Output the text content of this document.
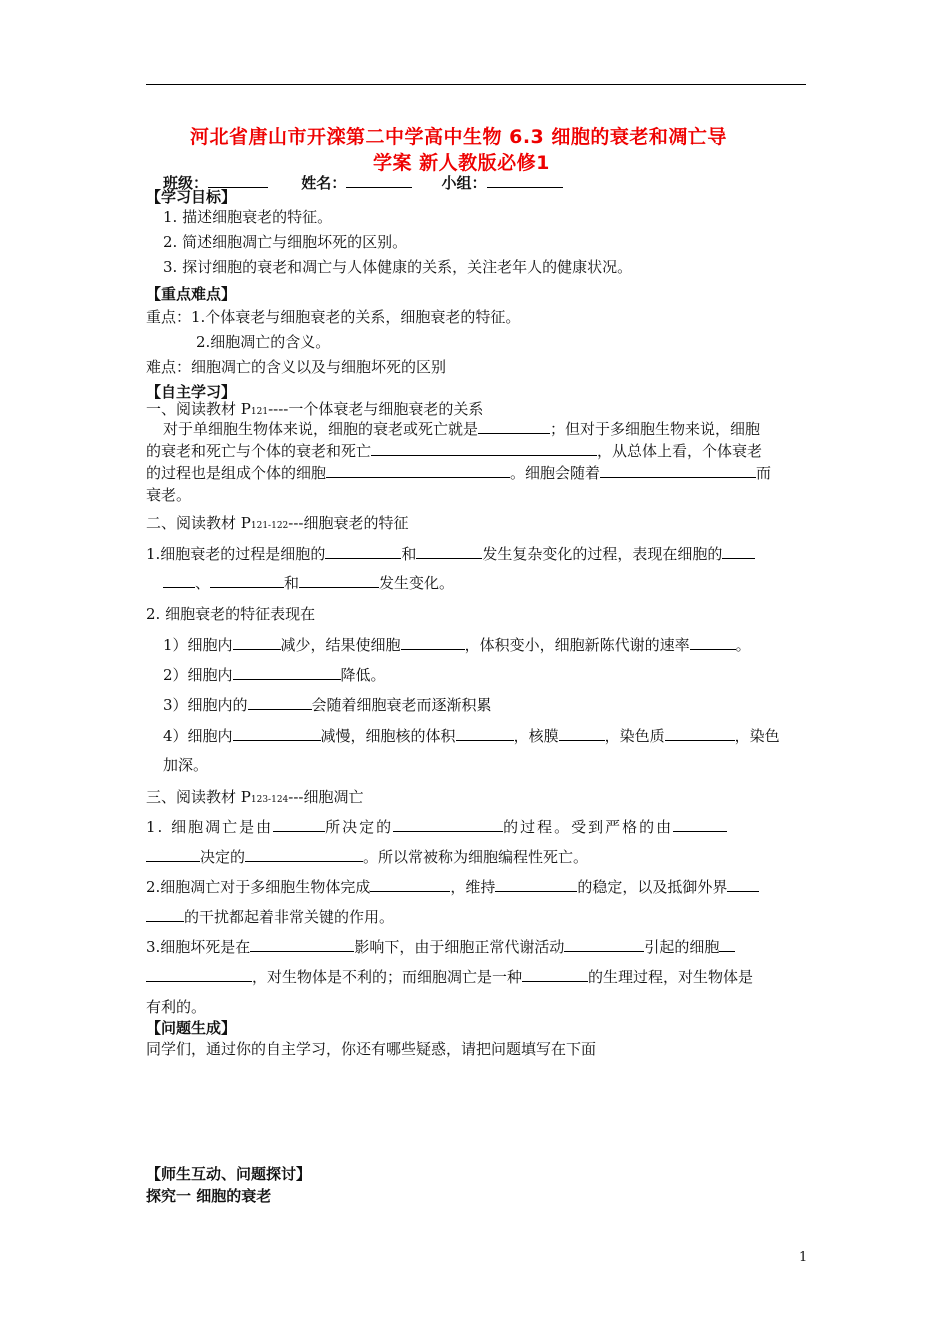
河北省唐山市开滦第二中学高中生物 6.3 细胞的衰老和凋亡导
学案 新人教版必修1
班级：	姓名：	小组：
【学习目标】
1. 描述细胞衰老的特征。
2. 简述细胞凋亡与细胞坏死的区别。
3. 探讨细胞的衰老和凋亡与人体健康的关系，关注老年人的健康状况。
【重点难点】
重点：1.个体衰老与细胞衰老的关系，细胞衰老的特征。
2.细胞凋亡的含义。
难点：细胞凋亡的含义以及与细胞坏死的区别
【自主学习】
一、阅读教材 P121----一个体衰老与细胞衰老的关系
对于单细胞生物体来说，细胞的衰老或死亡就是	；但对于多细胞生物来说，细胞
的衰老和死亡与个体的衰老和死亡	，从总体上看，个体衰老
的过程也是组成个体的细胞	。细胞会随着	而
衰老。
二、阅读教材 P121-122---细胞衰老的特征
1.细胞衰老的过程是细胞的	和	发生复杂变化的过程，表现在细胞的
、	和	发生变化。
2. 细胞衰老的特征表现在
1）细胞内	减少，结果使细胞	，体积变小，细胞新陈代谢的速率	。
2）细胞内	降低。
3）细胞内的	会随着细胞衰老而逐渐积累
4）细胞内	减慢，细胞核的体积	，核膜	，染色质	，染色
加深。
三、阅读教材 P123-124---细胞凋亡
1. 细胞凋亡是由	所决定的	的过程。受到严格的由
决定的	。所以常被称为细胞编程性死亡。
2.细胞凋亡对于多细胞生物体完成	，维持	的稳定，以及抵御外界
的干扰都起着非常关键的作用。
3.细胞坏死是在	影响下，由于细胞正常代谢活动	引起的细胞
，对生物体是不利的；而细胞凋亡是一种	的生理过程，对生物体是
有利的。
【问题生成】
同学们，通过你的自主学习，你还有哪些疑惑，请把问题填写在下面
【师生互动、问题探讨】
探究一 细胞的衰老
1
